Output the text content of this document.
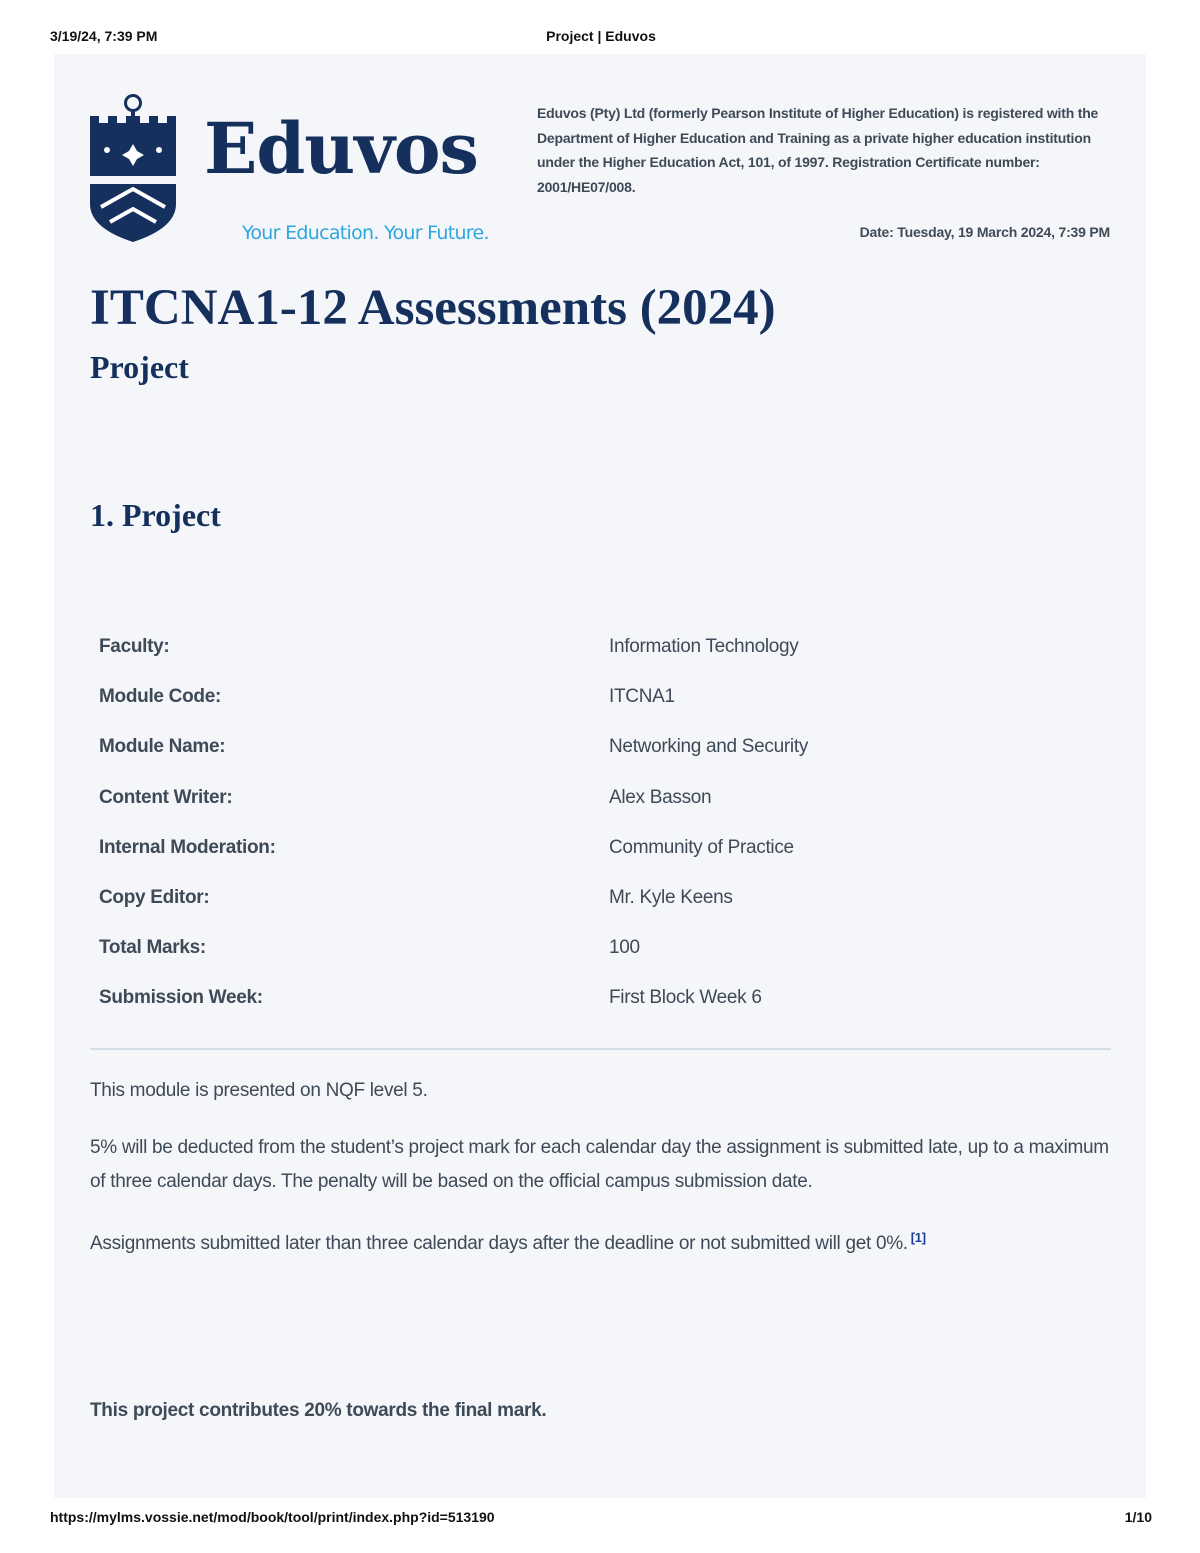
3/19/24, 7:39 PM	Project | Eduvos
Eduvos
Your Education. Your Future.
Eduvos (Pty) Ltd (formerly Pearson Institute of Higher Education) is registered with the Department of Higher Education and Training as a private higher education institution under the Higher Education Act, 101, of 1997. Registration Certificate number: 2001/HE07/008.
Date: Tuesday, 19 March 2024, 7:39 PM
ITCNA1-12 Assessments (2024)
Project
1. Project
Faculty:	Information Technology
Module Code:	ITCNA1
Module Name:	Networking and Security
Content Writer:	Alex Basson
Internal Moderation:	Community of Practice
Copy Editor:	Mr. Kyle Keens
Total Marks:	100
Submission Week:	First Block Week 6

This module is presented on NQF level 5.

5% will be deducted from the student’s project mark for each calendar day the assignment is submitted late, up to a maximum of three calendar days. The penalty will be based on the official campus submission date.

Assignments submitted later than three calendar days after the deadline or not submitted will get 0%. [1]

This project contributes 20% towards the final mark.

https://mylms.vossie.net/mod/book/tool/print/index.php?id=513190	1/10
